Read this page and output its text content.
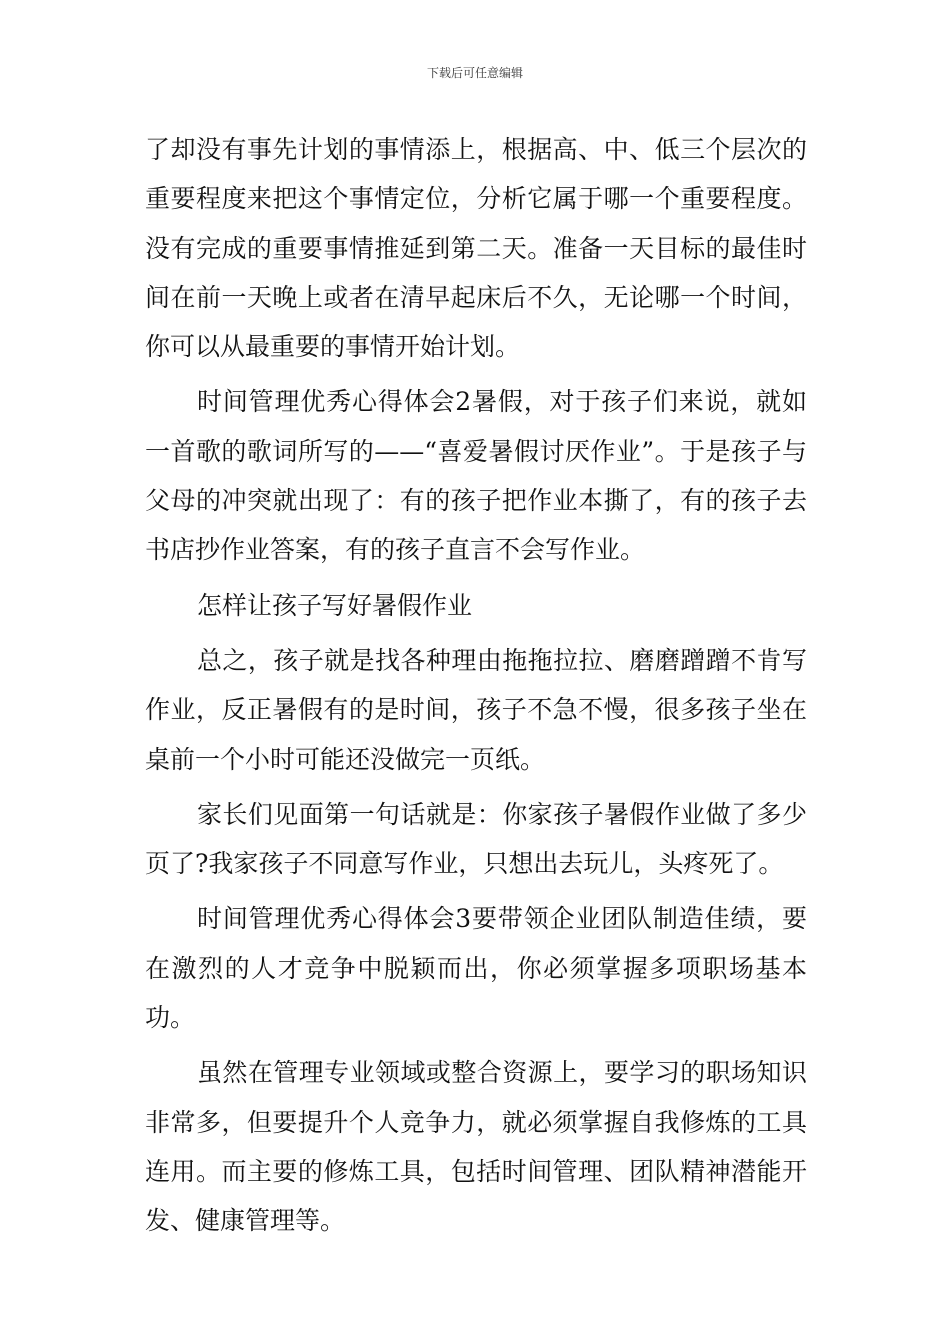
下载后可任意编辑

了却没有事先计划的事情添上，根据高、中、低三个层次的重要程度来把这个事情定位，分析它属于哪一个重要程度。没有完成的重要事情推延到第二天。准备一天目标的最佳时间在前一天晚上或者在清早起床后不久，无论哪一个时间，你可以从最重要的事情开始计划。

时间管理优秀心得体会2暑假，对于孩子们来说，就如一首歌的歌词所写的——“喜爱暑假讨厌作业”。于是孩子与父母的冲突就出现了：有的孩子把作业本撕了，有的孩子去书店抄作业答案，有的孩子直言不会写作业。

怎样让孩子写好暑假作业

总之，孩子就是找各种理由拖拖拉拉、磨磨蹭蹭不肯写作业，反正暑假有的是时间，孩子不急不慢，很多孩子坐在桌前一个小时可能还没做完一页纸。

家长们见面第一句话就是：你家孩子暑假作业做了多少页了?我家孩子不同意写作业，只想出去玩儿，头疼死了。

时间管理优秀心得体会3要带领企业团队制造佳绩，要在激烈的人才竞争中脱颖而出，你必须掌握多项职场基本功。

虽然在管理专业领域或整合资源上，要学习的职场知识非常多，但要提升个人竞争力，就必须掌握自我修炼的工具连用。而主要的修炼工具，包括时间管理、团队精神潜能开发、健康管理等。
